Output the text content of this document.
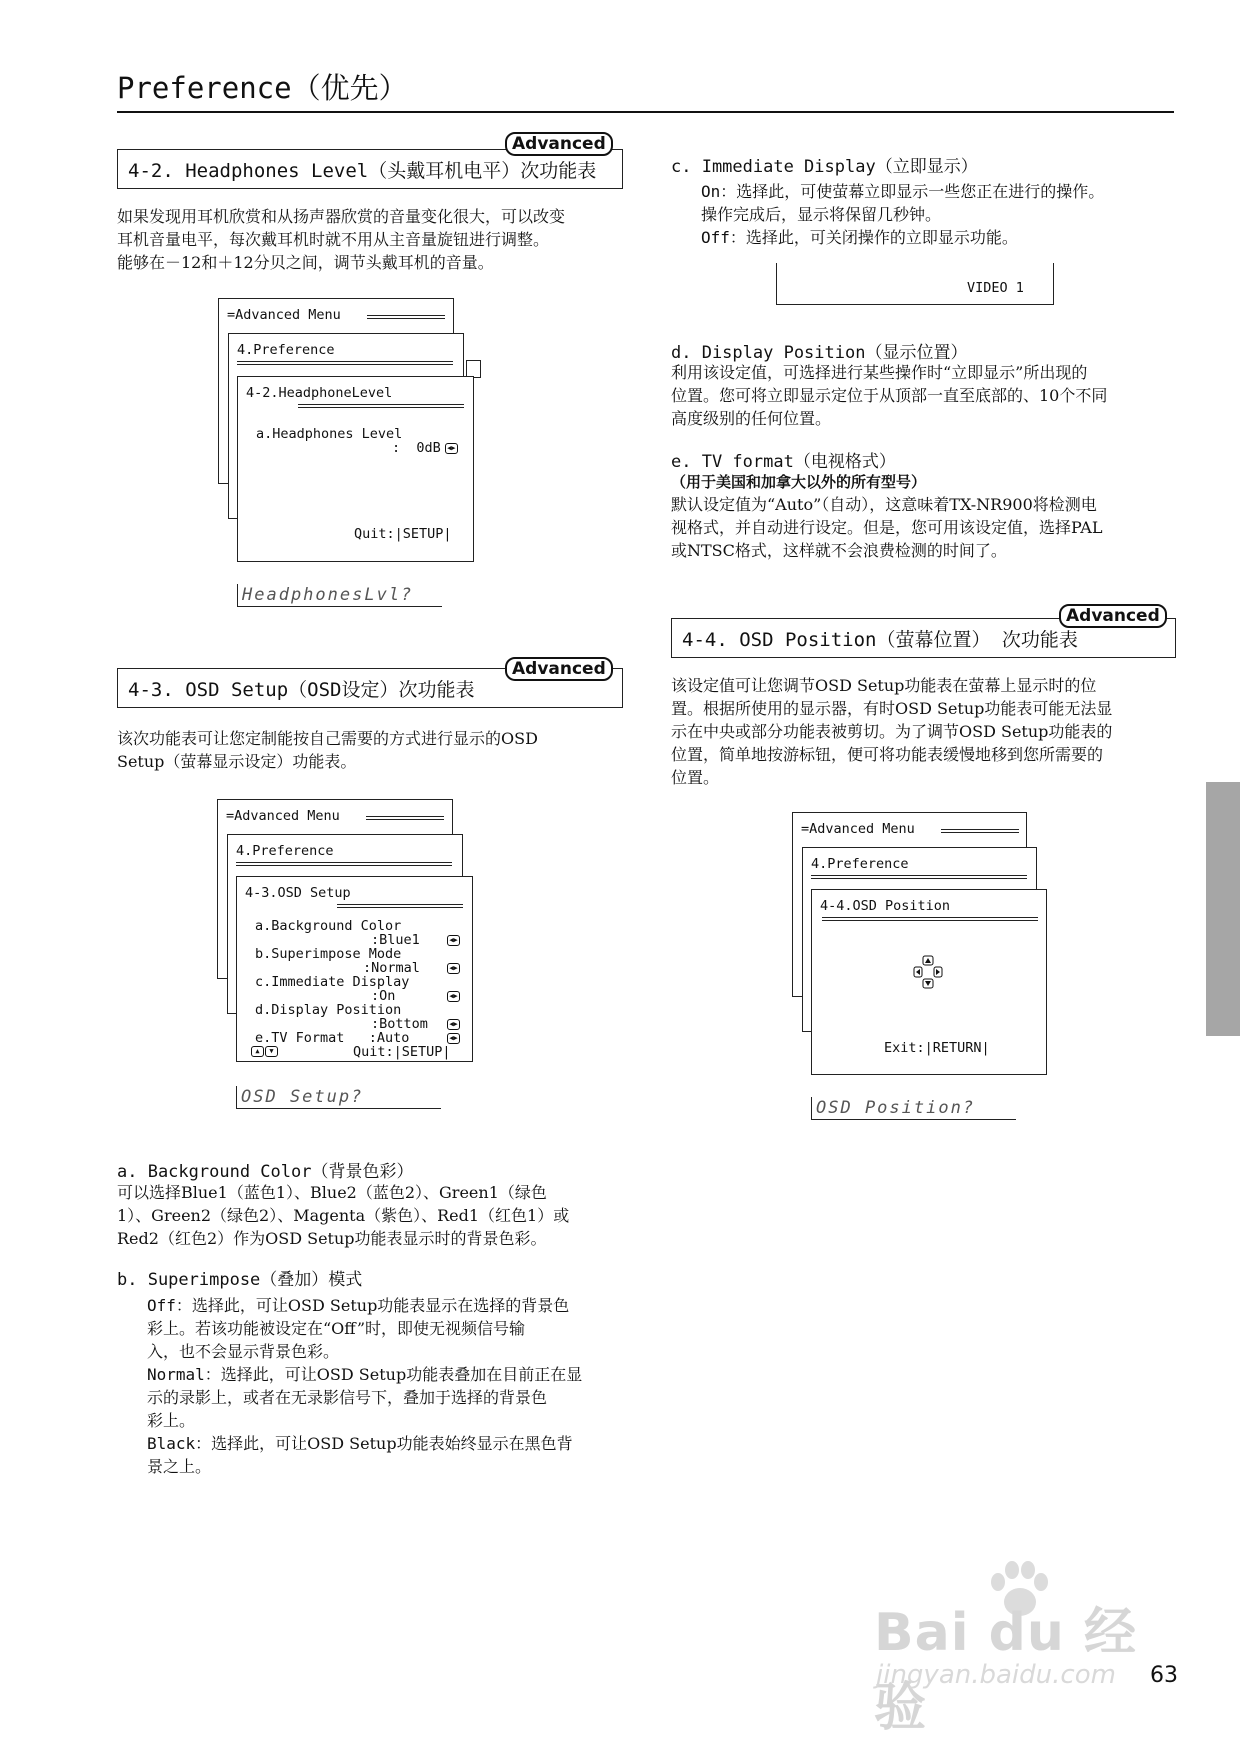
Preference（优先）
4-2. Headphones Level（头戴耳机电平）次功能表
Advanced
如果发现用耳机欣赏和从扬声器欣赏的音量变化很大，可以改变
耳机音量电平，每次戴耳机时就不用从主音量旋钮进行调整。
能够在－12和＋12分贝之间，调节头戴耳机的音量。
=Advanced Menu
4.Preference
4-2.HeadphoneLevel
a.Headphones Level
:  0dB ◀▶
Quit:|SETUP|
HeadphonesLvl?
4-3. OSD Setup（OSD设定）次功能表
Advanced
该次功能表可让您定制能按自己需要的方式进行显示的OSD
Setup（萤幕显示设定）功能表。
=Advanced Menu
4.Preference
4-3.OSD Setup
a.Background Color
:Blue1	◀▶
b.Superimpose Mode
:Normal	◀▶
c.Immediate Display
:On	◀▶
d.Display Position
:Bottom	◀▶
e.TV Format   :Auto	◀▶
▲	▼	Quit:|SETUP|
OSD Setup?
a. Background Color（背景色彩）
可以选择Blue1（蓝色1）、Blue2（蓝色2）、Green1（绿色
1）、Green2（绿色2）、Magenta（紫色）、Red1（红色1）或
Red2（红色2）作为OSD Setup功能表显示时的背景色彩。
b. Superimpose（叠加）模式
Off：选择此，可让OSD Setup功能表显示在选择的背景色
彩上。若该功能被设定在“Off”时，即使无视频信号输
入，也不会显示背景色彩。
Normal：选择此，可让OSD Setup功能表叠加在目前正在显
示的录影上，或者在无录影信号下，叠加于选择的背景色
彩上。
Black：选择此，可让OSD Setup功能表始终显示在黑色背
景之上。
c. Immediate Display（立即显示）
On：选择此，可使萤幕立即显示一些您正在进行的操作。
操作完成后，显示将保留几秒钟。
Off：选择此，可关闭操作的立即显示功能。
VIDEO 1
d. Display Position（显示位置）
利用该设定值，可选择进行某些操作时“立即显示”所出现的
位置。您可将立即显示定位于从顶部一直至底部的、10个不同
高度级别的任何位置。
e. TV format（电视格式）
（用于美国和加拿大以外的所有型号）
默认设定值为“Auto”（自动），这意味着TX-NR900将检测电
视格式，并自动进行设定。但是，您可用该设定值，选择PAL
或NTSC格式，这样就不会浪费检测的时间了。
4-4. OSD Position（萤幕位置） 次功能表
Advanced
该设定值可让您调节OSD Setup功能表在萤幕上显示时的位
置。根据所使用的显示器，有时OSD Setup功能表可能无法显
示在中央或部分功能表被剪切。为了调节OSD Setup功能表的
位置，简单地按游标钮，便可将功能表缓慢地移到您所需要的
位置。
=Advanced Menu
4.Preference
4-4.OSD Position
Exit:|RETURN|
OSD Position?
Bai du 经验
jingyan.baidu.com 63
